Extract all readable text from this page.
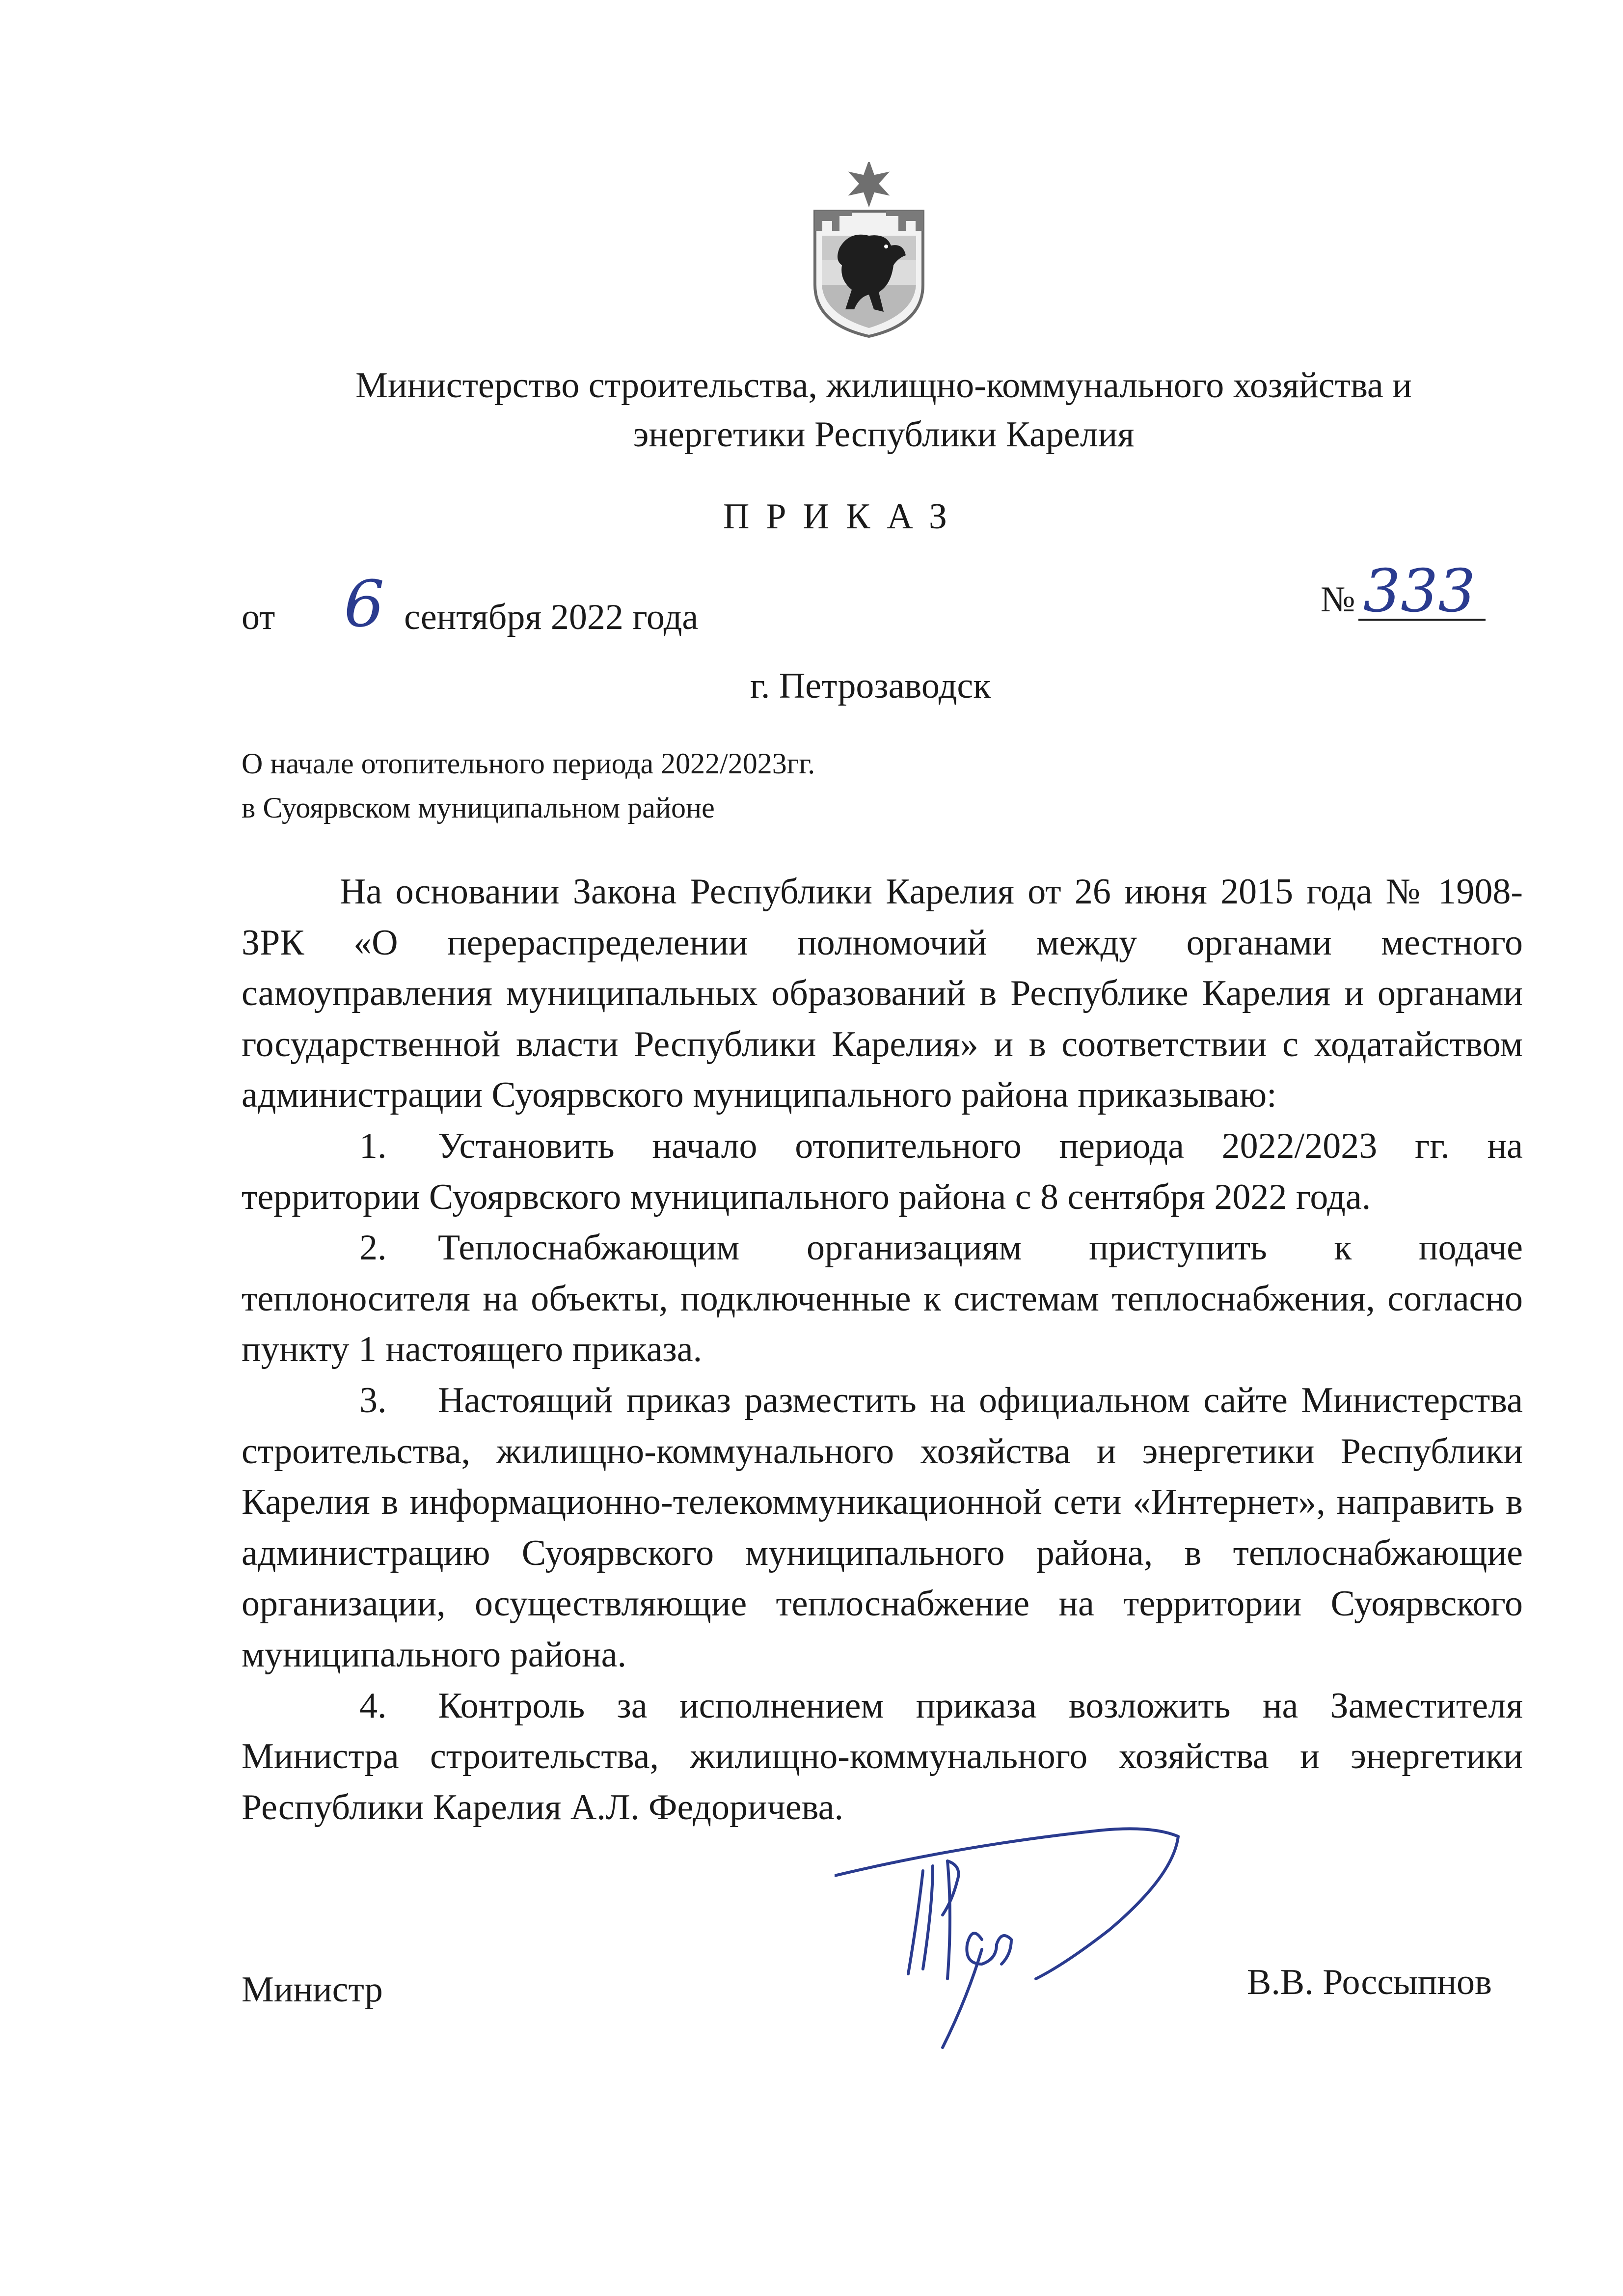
Министерство строительства, жилищно-коммунального хозяйства и
энергетики Республики Карелия
ПРИКАЗ
от 6 сентября 2022 года	№ 333
г. Петрозаводск
О начале отопительного периода 2022/2023гг.
в Суоярвском муниципальном районе

На основании Закона Республики Карелия от 26 июня 2015 года № 1908-ЗРК «О перераспределении полномочий между органами местного самоуправления муниципальных образований в Республике Карелия и органами государственной власти Республики Карелия» и в соответствии с ходатайством администрации Суоярвского муниципального района приказываю:

1. Установить начало отопительного периода 2022/2023 гг. на территории Суоярвского муниципального района с 8 сентября 2022 года.

2. Теплоснабжающим организациям приступить к подаче теплоносителя на объекты, подключенные к системам теплоснабжения, согласно пункту 1 настоящего приказа.

3. Настоящий приказ разместить на официальном сайте Министерства строительства, жилищно-коммунального хозяйства и энергетики Республики Карелия в информационно-телекоммуникационной сети «Интернет», направить в администрацию Суоярвского муниципального района, в теплоснабжающие организации, осуществляющие теплоснабжение на территории Суоярвского муниципального района.

4. Контроль за исполнением приказа возложить на Заместителя Министра строительства, жилищно-коммунального хозяйства и энергетики Республики Карелия А.Л. Федоричева.

Министр	В.В. Россыпнов
